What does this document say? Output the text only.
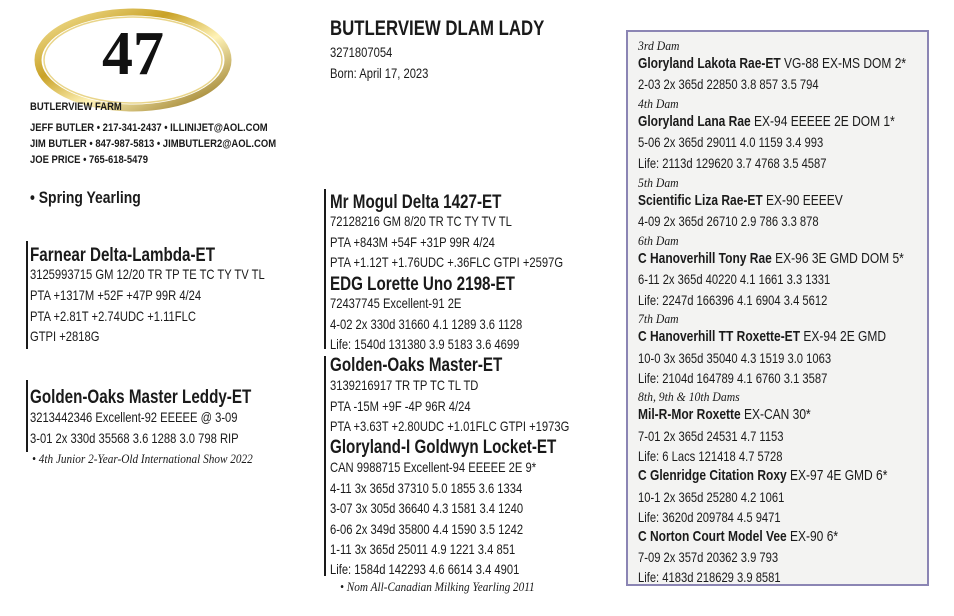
47
BUTLERVIEW FARM
JEFF BUTLER • 217-341-2437 • ILLINIJET@AOL.COM
JIM BUTLER • 847-987-5813 • JIMBUTLER2@AOL.COM
JOE PRICE • 765-618-5479
• Spring Yearling
BUTLERVIEW DLAM LADY
3271807054
Born: April 17, 2023
Farnear Delta-Lambda-ET
3125993715 GM 12/20 TR TP TE TC TY TV TL
PTA +1317M +52F +47P 99R 4/24
PTA +2.81T +2.74UDC +1.11FLC
GTPI +2818G
Golden-Oaks Master Leddy-ET
3213442346 Excellent-92 EEEEE @ 3-09
3-01 2x 330d 35568 3.6 1288 3.0 798 RIP
• 4th Junior 2-Year-Old International Show 2022
Mr Mogul Delta 1427-ET
72128216 GM 8/20 TR TC TY TV TL
PTA +843M +54F +31P 99R 4/24
PTA +1.12T +1.76UDC +.36FLC GTPI +2597G
EDG Lorette Uno 2198-ET
72437745 Excellent-91 2E
4-02 2x 330d 31660 4.1 1289 3.6 1128
Life: 1540d 131380 3.9 5183 3.6 4699
Golden-Oaks Master-ET
3139216917 TR TP TC TL TD
PTA -15M +9F -4P 96R 4/24
PTA +3.63T +2.80UDC +1.01FLC GTPI +1973G
Gloryland-I Goldwyn Locket-ET
CAN 9988715 Excellent-94 EEEEE 2E 9*
4-11 3x 365d 37310 5.0 1855 3.6 1334
3-07 3x 305d 36640 4.3 1581 3.4 1240
6-06 2x 349d 35800 4.4 1590 3.5 1242
1-11 3x 365d 25011 4.9 1221 3.4 851
Life: 1584d 142293 4.6 6614 3.4 4901
• Nom All-Canadian Milking Yearling 2011
3rd Dam
Gloryland Lakota Rae-ET VG-88 EX-MS DOM 2*
2-03 2x 365d 22850 3.8 857 3.5 794
4th Dam
Gloryland Lana Rae EX-94 EEEEE 2E DOM 1*
5-06 2x 365d 29011 4.0 1159 3.4 993
Life: 2113d 129620 3.7 4768 3.5 4587
5th Dam
Scientific Liza Rae-ET EX-90 EEEEV
4-09 2x 365d 26710 2.9 786 3.3 878
6th Dam
C Hanoverhill Tony Rae EX-96 3E GMD DOM 5*
6-11 2x 365d 40220 4.1 1661 3.3 1331
Life: 2247d 166396 4.1 6904 3.4 5612
7th Dam
C Hanoverhill TT Roxette-ET EX-94 2E GMD
10-0 3x 365d 35040 4.3 1519 3.0 1063
Life: 2104d 164789 4.1 6760 3.1 3587
8th, 9th & 10th Dams
Mil-R-Mor Roxette EX-CAN 30*
7-01 2x 365d 24531 4.7 1153
Life: 6 Lacs 121418 4.7 5728
C Glenridge Citation Roxy EX-97 4E GMD 6*
10-1 2x 365d 25280 4.2 1061
Life: 3620d 209784 4.5 9471
C Norton Court Model Vee EX-90 6*
7-09 2x 357d 20362 3.9 793
Life: 4183d 218629 3.9 8581
